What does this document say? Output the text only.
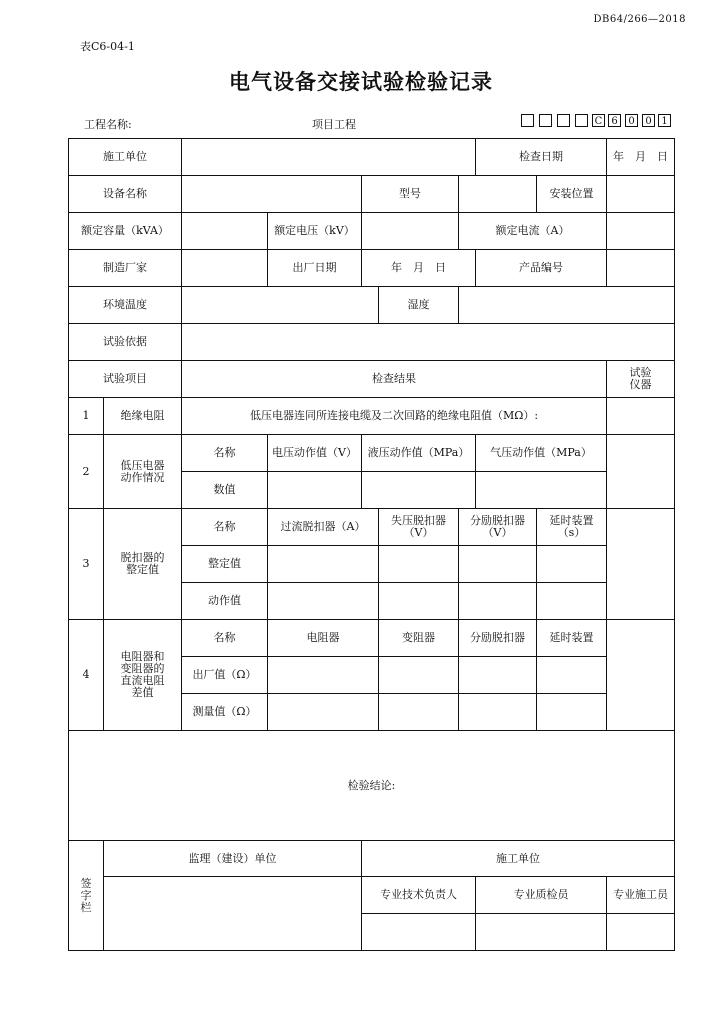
DB64/266—2018
表C6-04-1
电气设备交接试验检验记录
工程名称:	项目工程	C 6	0	0 1
施工单位							检查日期		年　月　日
设备名称				型号				安装位置	
额定容量（kVA）			额定电压（kV）			额定电流（A）			
制造厂家			出厂日期	年　月　日			产品编号		
环境温度					湿度				
试验依据									
试验项目		检查结果							试验仪器
1	绝缘电阻	低压电器连同所连接电缆及二次回路的绝缘电阻值（MΩ）:							
2	低压电器动作情况	名称	电压动作值（V）	液压动作值（MPa）			气压动作值（MPa）		
		数值							
3	脱扣器的整定值	名称	过流脱扣器（A）		失压脱扣器（V）	分励脱扣器（V）		延时装置（s）	
		整定值							
		动作值							
4	电阻器和变阻器的直流电阻差值	名称	电阻器		变阻器	分励脱扣器		延时装置	
		出厂值（Ω）							
		测量值（Ω）							
检验结论:									
签字栏	监理（建设）单位			施工单位					
				专业技术负责人			专业质检员		专业施工员
